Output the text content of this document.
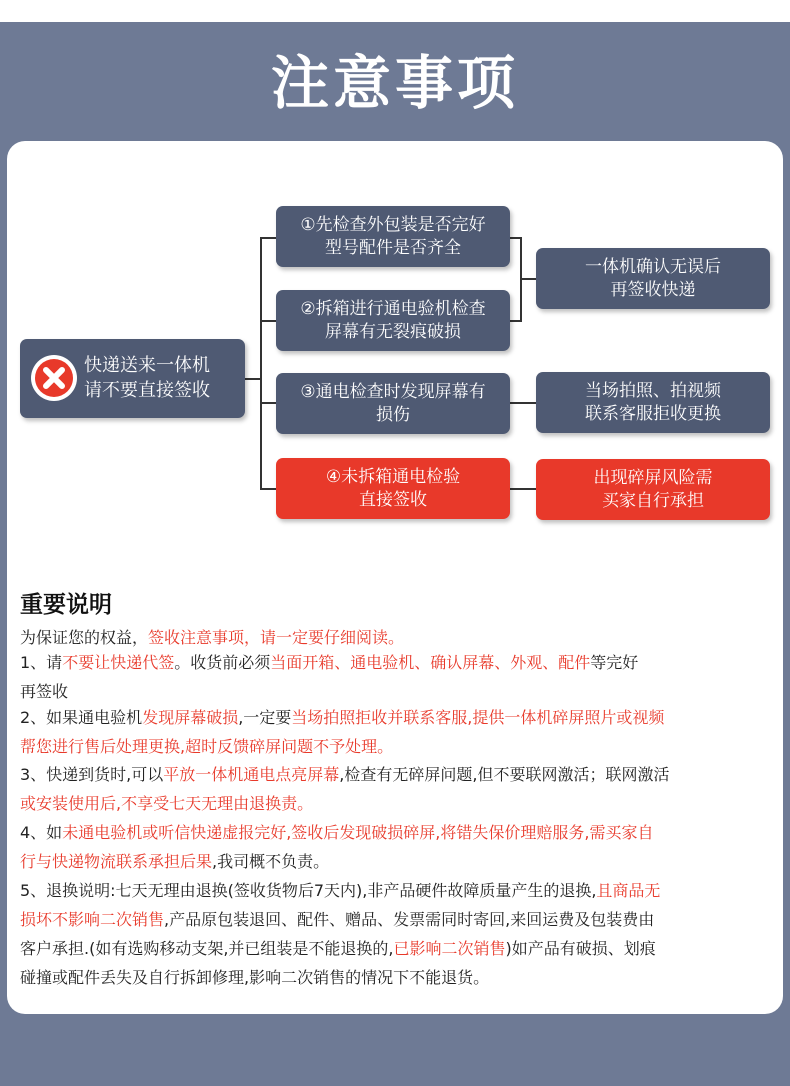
注意事项
快递送来一体机
请不要直接签收
①先检查外包装是否完好
型号配件是否齐全
②拆箱进行通电验机检查
屏幕有无裂痕破损
③通电检查时发现屏幕有
损伤
④未拆箱通电检验
直接签收
一体机确认无误后
再签收快递
当场拍照、拍视频
联系客服拒收更换
出现碎屏风险需
买家自行承担
重要说明
为保证您的权益，签收注意事项，请一定要仔细阅读。
1、请不要让快递代签。收货前必须当面开箱、通电验机、确认屏幕、外观、配件等完好
再签收
2、如果通电验机发现屏幕破损,一定要当场拍照拒收并联系客服,提供一体机碎屏照片或视频
帮您进行售后处理更换,超时反馈碎屏问题不予处理。
3、快递到货时,可以平放一体机通电点亮屏幕,检查有无碎屏问题,但不要联网激活；联网激活
或安装使用后,不享受七天无理由退换责。
4、如未通电验机或听信快递虚报完好,签收后发现破损碎屏,将错失保价理赔服务,需买家自
行与快递物流联系承担后果,我司概不负责。
5、退换说明:七天无理由退换(签收货物后7天内),非产品硬件故障质量产生的退换,且商品无
损坏不影响二次销售,产品原包装退回、配件、赠品、发票需同时寄回,来回运费及包装费由
客户承担.(如有选购移动支架,并已组装是不能退换的,已影响二次销售)如产品有破损、划痕
碰撞或配件丢失及自行拆卸修理,影响二次销售的情况下不能退货。
